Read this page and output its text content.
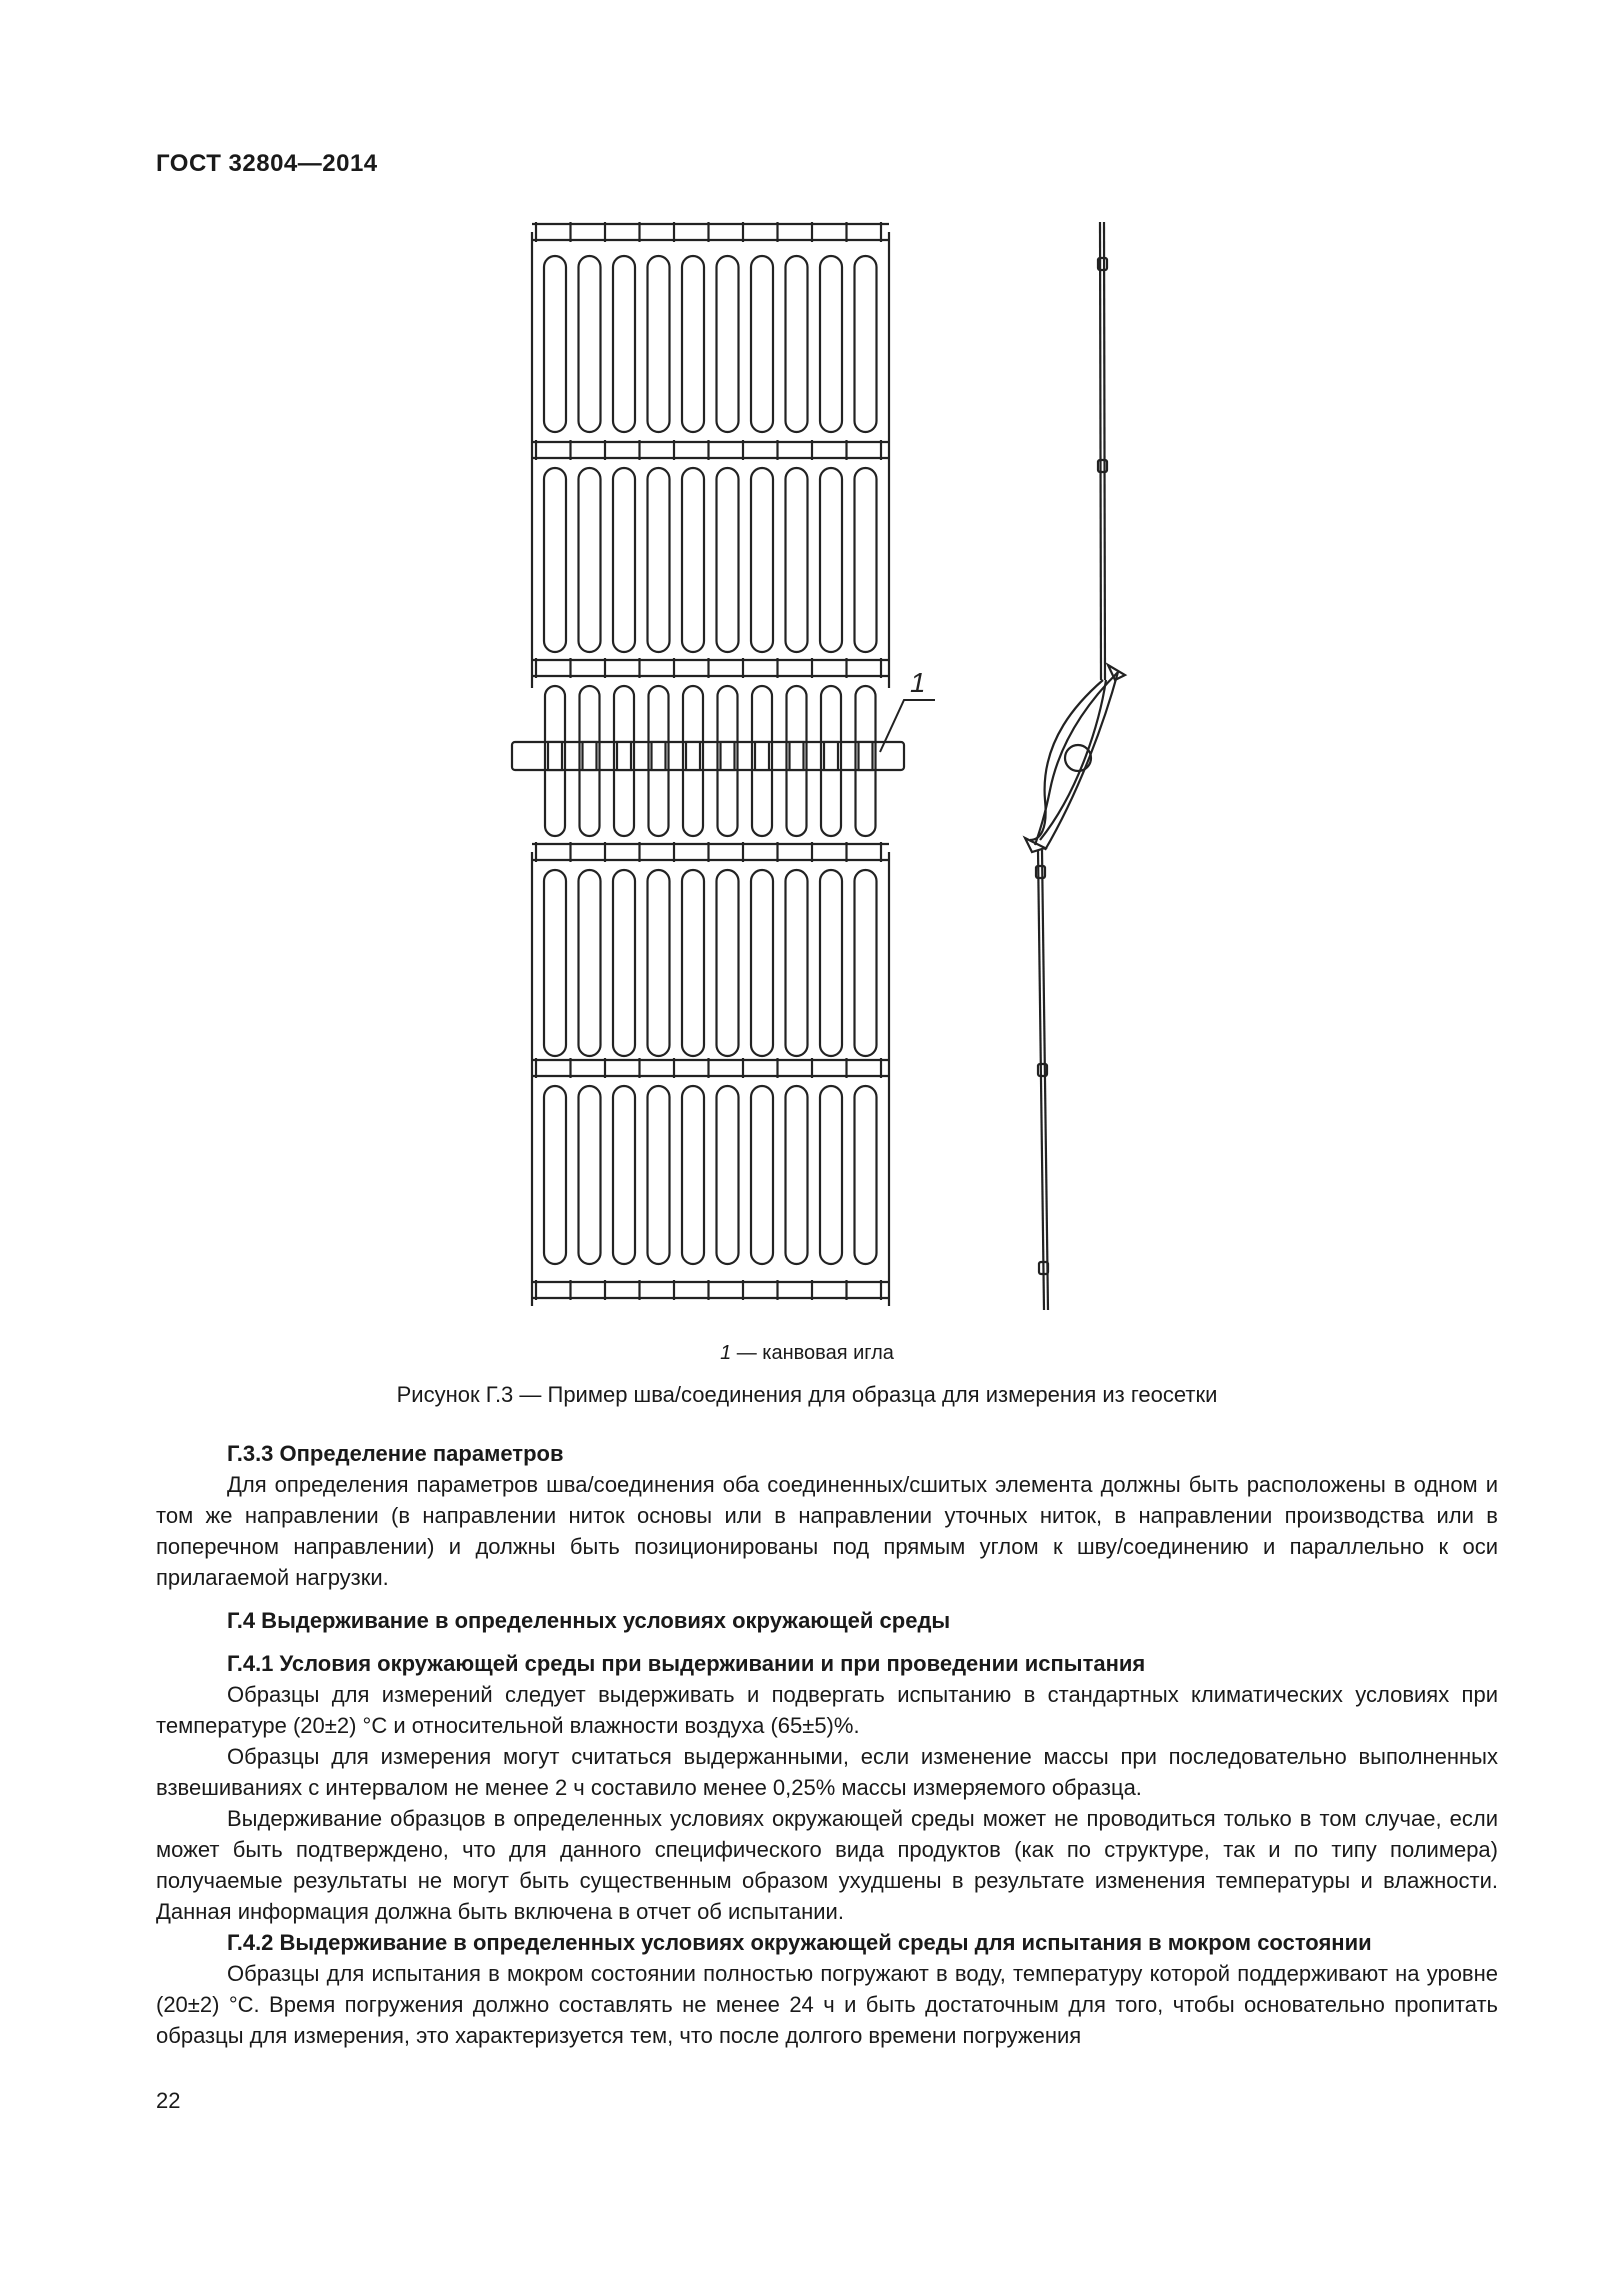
ГОСТ 32804—2014
1
1 — канвовая игла
Рисунок Г.3 — Пример шва/соединения для образца для измерения из геосетки
Г.3.3 Определение параметров

Для определения параметров шва/соединения оба соединенных/сшитых элемента должны быть расположены в одном и том же направлении (в направлении ниток основы или в направлении уточных ниток, в направлении производства или в поперечном направлении) и должны быть позиционированы под прямым углом к шву/соединению и параллельно к оси прилагаемой нагрузки.

Г.4 Выдерживание в определенных условиях окружающей среды
Г.4.1 Условия окружающей среды при выдерживании и при проведении испытания

Образцы для измерений следует выдерживать и подвергать испытанию в стандартных климатических условиях при температуре (20±2) °C и относительной влажности воздуха (65±5)%.

Образцы для измерения могут считаться выдержанными, если изменение массы при последовательно выполненных взвешиваниях с интервалом не менее 2 ч составило менее 0,25% массы измеряемого образца.

Выдерживание образцов в определенных условиях окружающей среды может не проводиться только в том случае, если может быть подтверждено, что для данного специфического вида продуктов (как по структуре, так и по типу полимера) получаемые результаты не могут быть существенным образом ухудшены в результате изменения температуры и влажности. Данная информация должна быть включена в отчет об испытании.

Г.4.2 Выдерживание в определенных условиях окружающей среды для испытания в мокром состоянии

Образцы для испытания в мокром состоянии полностью погружают в воду, температуру которой поддерживают на уровне (20±2) °C. Время погружения должно составлять не менее 24 ч и быть достаточным для того, чтобы основательно пропитать образцы для измерения, это характеризуется тем, что после долгого времени погружения

22
